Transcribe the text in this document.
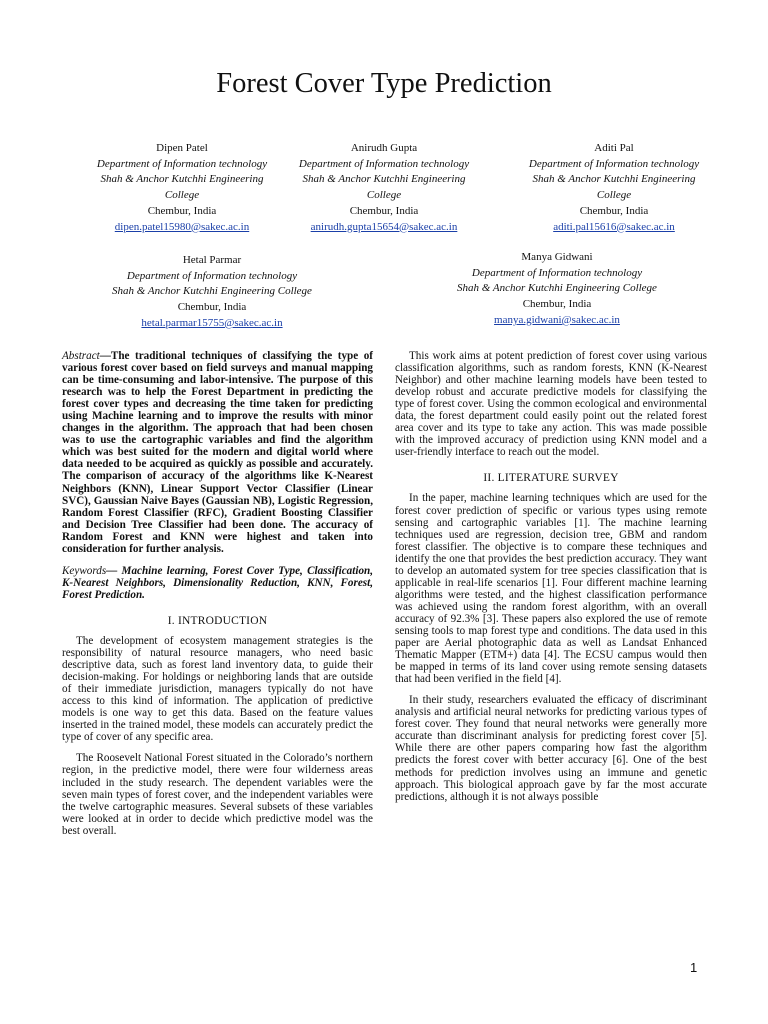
Forest Cover Type Prediction
Dipen Patel
Department of Information technology
Shah & Anchor Kutchhi Engineering
College
Chembur, India
dipen.patel15980@sakec.ac.in
Anirudh Gupta
Department of Information technology
Shah & Anchor Kutchhi Engineering
College
Chembur, India
anirudh.gupta15654@sakec.ac.in
Aditi Pal
Department of Information technology
Shah & Anchor Kutchhi Engineering
College
Chembur, India
aditi.pal15616@sakec.ac.in
Hetal Parmar
Department of Information technology
Shah & Anchor Kutchhi Engineering College
Chembur, India
hetal.parmar15755@sakec.ac.in
Manya Gidwani
Department of Information technology
Shah & Anchor Kutchhi Engineering College
Chembur, India
manya.gidwani@sakec.ac.in

Abstract—The traditional techniques of classifying the type of various forest cover based on field surveys and manual mapping can be time-consuming and labor-intensive. The purpose of this research was to help the Forest Department in predicting the forest cover types and decreasing the time taken for predicting using Machine learning and to improve the results with minor changes in the algorithm. The approach that had been chosen was to use the cartographic variables and find the algorithm which was best suited for the modern and digital world where data needed to be acquired as quickly as possible and accurately. The comparison of accuracy of the algorithms like K-Nearest Neighbors (KNN), Linear Support Vector Classifier (Linear SVC), Gaussian Naive Bayes (Gaussian NB), Logistic Regression, Random Forest Classifier (RFC), Gradient Boosting Classifier and Decision Tree Classifier had been done. The accuracy of Random Forest and KNN were highest and taken into consideration for further analysis.

Keywords— Machine learning, Forest Cover Type, Classification, K-Nearest Neighbors, Dimensionality Reduction, KNN, Forest, Forest Prediction.

I. INTRODUCTION

The development of ecosystem management strategies is the responsibility of natural resource managers, who need basic descriptive data, such as forest land inventory data, to guide their decision-making. For holdings or neighboring lands that are outside of their immediate jurisdiction, managers typically do not have access to this kind of information. The application of predictive models is one way to get this data. Based on the feature values inserted in the trained model, these models can accurately predict the type of cover of any specific area.

The Roosevelt National Forest situated in the Colorado’s northern region, in the predictive model, there were four wilderness areas included in the study research. The dependent variables were the seven main types of forest cover, and the independent variables were the twelve cartographic measures. Several subsets of these variables were looked at in order to decide which predictive model was the best overall.

This work aims at potent prediction of forest cover using various classification algorithms, such as random forests, KNN (K-Nearest Neighbor) and other machine learning models have been tested to develop robust and accurate predictive models for classifying the type of forest cover. Using the common ecological and environmental data, the forest department could easily point out the related forest area cover and its type to take any action. This was made possible with the improved accuracy of prediction using KNN model and a user-friendly interface to reach out the model.

II. LITERATURE SURVEY

In the paper, machine learning techniques which are used for the forest cover prediction of specific or various types using remote sensing and cartographic variables [1]. The machine learning techniques used are regression, decision tree, GBM and random forest classifier. The objective is to compare these techniques and identify the one that provides the best prediction accuracy. They want to develop an automated system for tree species classification that is applicable in real-life scenarios [1]. Four different machine learning algorithms were tested, and the highest classification performance was achieved using the random forest algorithm, with an overall accuracy of 92.3% [3]. These papers also explored the use of remote sensing tools to map forest type and conditions. The data used in this paper are Aerial photographic data as well as Landsat Enhanced Thematic Mapper (ETM+) data [4]. The ECSU campus would then be mapped in terms of its land cover using remote sensing datasets that had been verified in the field [4].

In their study, researchers evaluated the efficacy of discriminant analysis and artificial neural networks for predicting various types of forest cover. They found that neural networks were generally more accurate than discriminant analysis for predicting forest cover [5]. While there are other papers comparing how fast the algorithm predicts the forest cover with better accuracy [6]. One of the best methods for prediction involves using an immune and genetic approach. This biological approach gave by far the most accurate predictions, although it is not always possible

1
